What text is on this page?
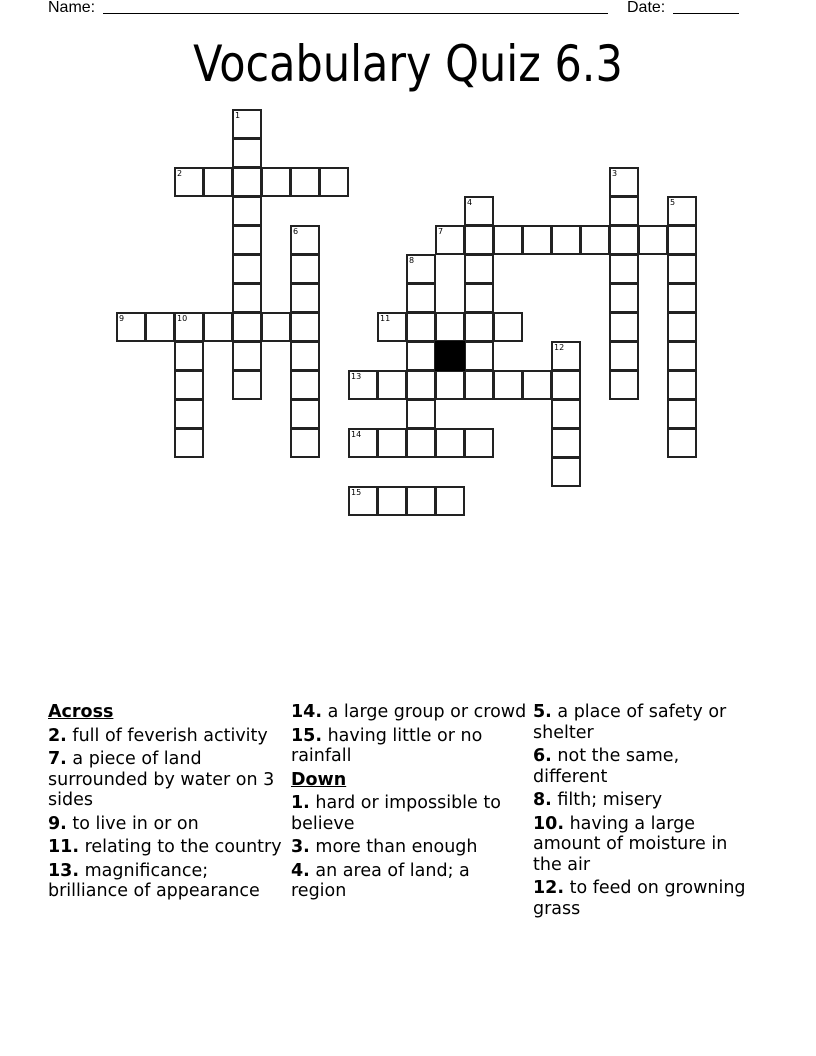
Name:	Date:
Vocabulary Quiz 6.3
1
2	3
4	5
6	7
8
9	10	11
12
13
14
15
Across
2. full of feverish activity
7. a piece of land surrounded by water on 3 sides
9. to live in or on
11. relating to the country
13. magnificance; brilliance of appearance
14. a large group or crowd
15. having little or no rainfall
Down
1. hard or impossible to believe
3. more than enough
4. an area of land; a region
5. a place of safety or shelter
6. not the same, different
8. filth; misery
10. having a large amount of moisture in the air
12. to feed on growning grass
